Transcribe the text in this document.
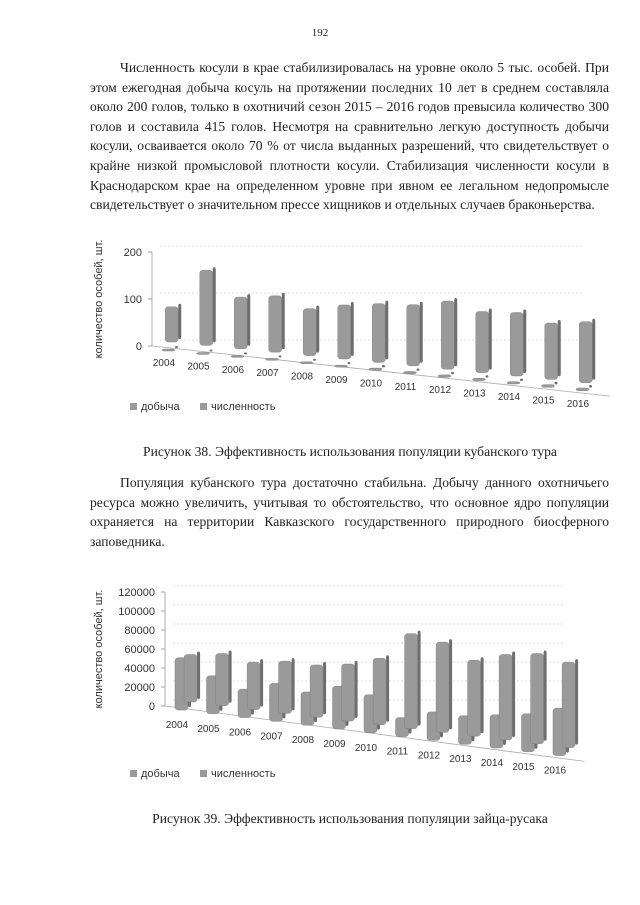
192

Численность косули в крае стабилизировалась на уровне около 5 тыс. особей. При этом ежегодная добыча косуль на протяжении последних 10 лет в среднем составляла около 200 голов, только в охотничий сезон 2015 – 2016 годов превысила количество 300 голов и составила 415 голов. Несмотря на сравнительно легкую доступность добычи косули, осваивается около 70 % от числа выданных разрешений, что свидетельствует о крайне низкой промысловой плотности косули. Стабилизация численности косули в Краснодарском крае на определенном уровне при явном ее легальном недопромысле свидетельствует о значительном прессе хищников и отдельных случаев браконьерства.

количество особей, шт.	0
100
200
2004 2005 2006 2007 2008 2009 2010 2011 2012 2013 2014 2015 2016
добыча	численность
Рисунок 38. Эффективность использования популяции кубанского тура

Популяция кубанского тура достаточно стабильна. Добычу данного охотничьего ресурса можно увеличить, учитывая то обстоятельство, что основное ядро популяции охраняется на территории Кавказского государственного природного биосферного заповедника.

количество особей, шт.	0
20000
40000
60000
80000
100000
120000
2004 2005 2006 2007 2008 2009 2010 2011 2012 2013 2014 2015 2016
добыча	численность
Рисунок 39. Эффективность использования популяции зайца-русака
